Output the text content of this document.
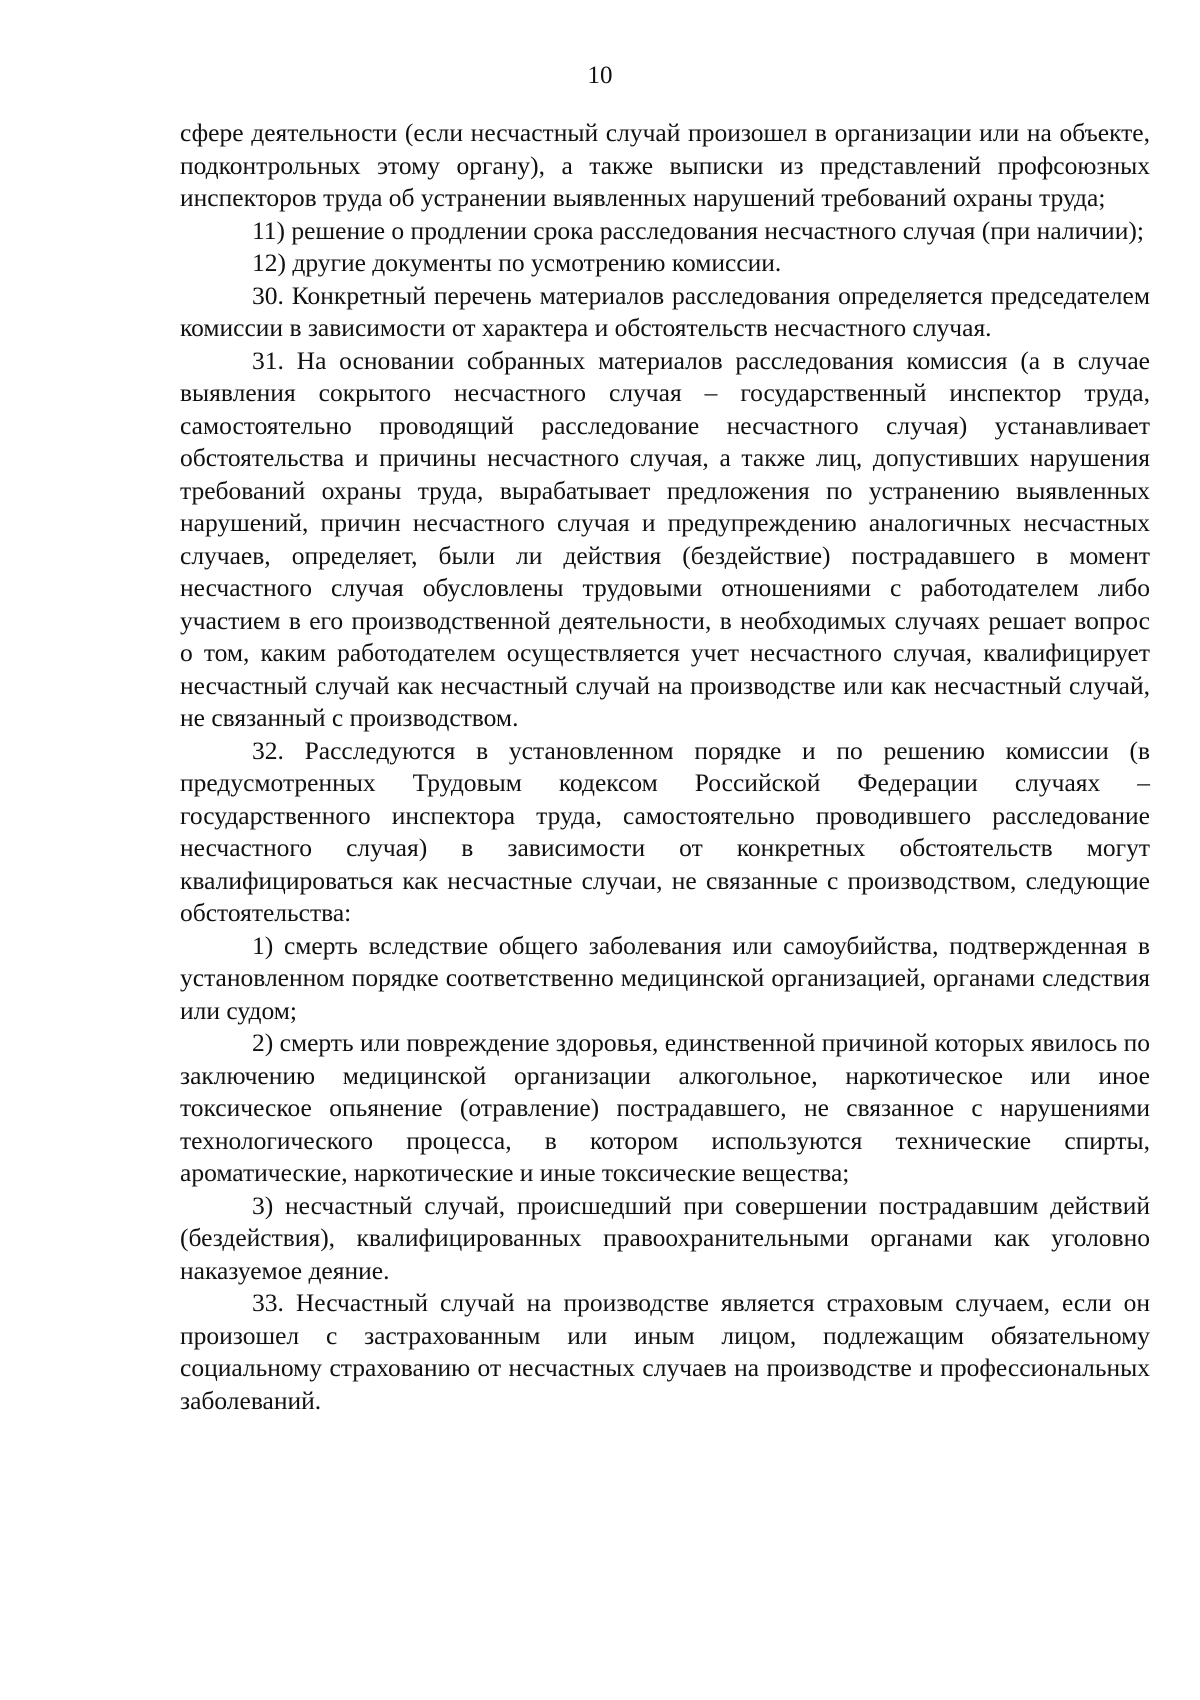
10

сфере деятельности (если несчастный случай произошел в организации или на объекте, подконтрольных этому органу), а также выписки из представлений профсоюзных инспекторов труда об устранении выявленных нарушений требований охраны труда;

11) решение о продлении срока расследования несчастного случая (при наличии);

12) другие документы по усмотрению комиссии.

30. Конкретный перечень материалов расследования определяется председателем комиссии в зависимости от характера и обстоятельств несчастного случая.

31. На основании собранных материалов расследования комиссия (а в случае выявления сокрытого несчастного случая – государственный инспектор труда, самостоятельно проводящий расследование несчастного случая) устанавливает обстоятельства и причины несчастного случая, а также лиц, допустивших нарушения требований охраны труда, вырабатывает предложения по устранению выявленных нарушений, причин несчастного случая и предупреждению аналогичных несчастных случаев, определяет, были ли действия (бездействие) пострадавшего в момент несчастного случая обусловлены трудовыми отношениями с работодателем либо участием в его производственной деятельности, в необходимых случаях решает вопрос о том, каким работодателем осуществляется учет несчастного случая, квалифицирует несчастный случай как несчастный случай на производстве или как несчастный случай, не связанный с производством.

32. Расследуются в установленном порядке и по решению комиссии (в предусмотренных Трудовым кодексом Российской Федерации случаях – государственного инспектора труда, самостоятельно проводившего расследование несчастного случая) в зависимости от конкретных обстоятельств могут квалифицироваться как несчастные случаи, не связанные с производством, следующие обстоятельства:

1) смерть вследствие общего заболевания или самоубийства, подтвержденная в установленном порядке соответственно медицинской организацией, органами следствия или судом;

2) смерть или повреждение здоровья, единственной причиной которых явилось по заключению медицинской организации алкогольное, наркотическое или иное токсическое опьянение (отравление) пострадавшего, не связанное с нарушениями технологического процесса, в котором используются технические спирты, ароматические, наркотические и иные токсические вещества;

3) несчастный случай, происшедший при совершении пострадавшим действий (бездействия), квалифицированных правоохранительными органами как уголовно наказуемое деяние.

33. Несчастный случай на производстве является страховым случаем, если он произошел с застрахованным или иным лицом, подлежащим обязательному социальному страхованию от несчастных случаев на производстве и профессиональных заболеваний.
